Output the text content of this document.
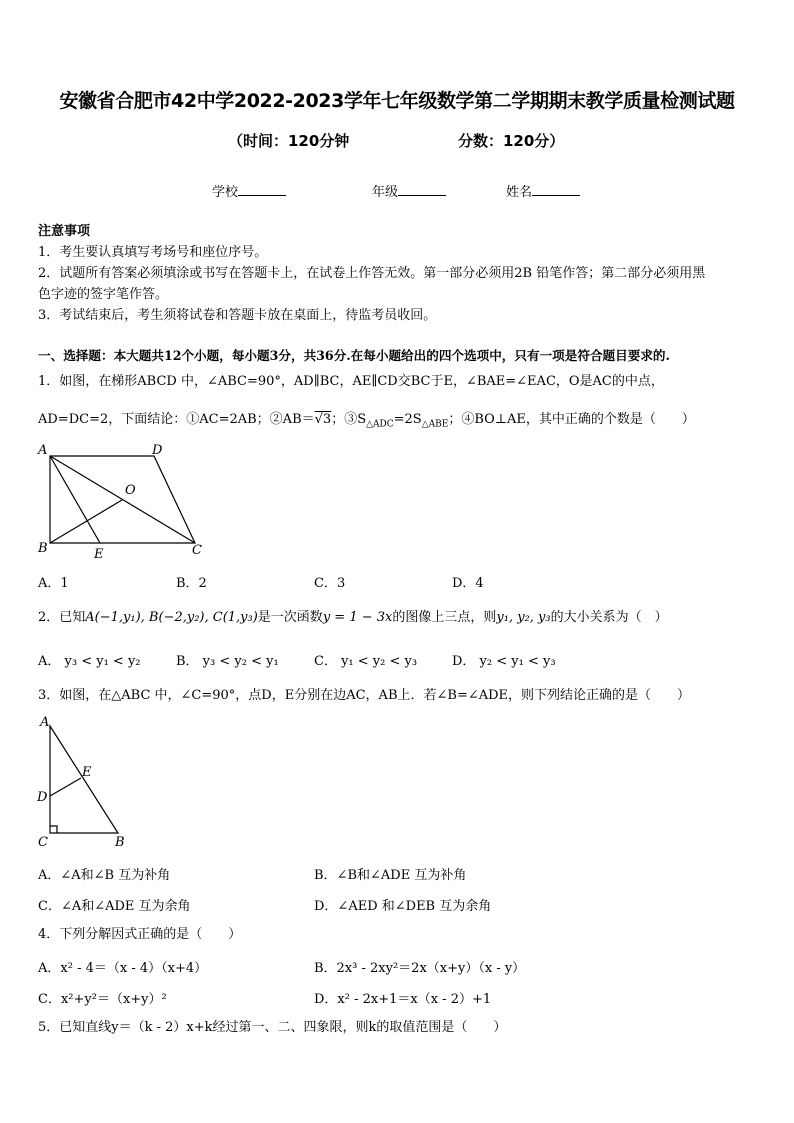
安徽省合肥市42中学2022-2023学年七年级数学第二学期期末教学质量检测试题
（时间：120分钟	分数：120分）
学校	年级	姓名
注意事项
1．考生要认真填写考场号和座位序号。
2．试题所有答案必须填涂或书写在答题卡上，在试卷上作答无效。第一部分必须用2B 铅笔作答；第二部分必须用黑
色字迹的签字笔作答。
3．考试结束后，考生须将试卷和答题卡放在桌面上，待监考员收回。
一、选择题：本大题共12个小题，每小题3分，共36分.在每小题给出的四个选项中，只有一项是符合题目要求的.
1．如图，在梯形ABCD 中，∠ABC=90°，AD∥BC，AE∥CD交BC于E，∠BAE=∠EAC，O是AC的中点，
AD=DC=2，下面结论：①AC=2AB；②AB＝√3；$③S_{\triangle ADC}=2S_{\triangle ABE}$；④BO⊥AE，其中正确的个数是（　　）
A	D
O
B	E	C
A．1	B．2	C．3	D．4
2．已知A(−1,y₁), B(−2,y₂), C(1,y₃)是一次函数y = 1 − 3x的图像上三点，则y₁, y₂, y₃的大小关系为（　）
A． y₃ < y₁ < y₂	B． y₃ < y₂ < y₁	C． y₁ < y₂ < y₃	D． y₂ < y₁ < y₃
3．如图，在△ABC 中，∠C=90°，点D，E分别在边AC，AB上．若∠B=∠ADE，则下列结论正确的是（　　）
A
E
D
C	B
A．∠A和∠B 互为补角	B．∠B和∠ADE 互为补角
C．∠A和∠ADE 互为余角	D．∠AED 和∠DEB 互为余角
4．下列分解因式正确的是（　　）
A．x² - 4＝（x - 4）（x+4）	B．2x³ - 2xy²＝2x（x+y）（x - y）
C．x²+y²＝（x+y）²	D．x² - 2x+1＝x（x - 2）+1
5．已知直线y＝（k - 2）x+k经过第一、二、四象限，则k的取值范围是（　　）
